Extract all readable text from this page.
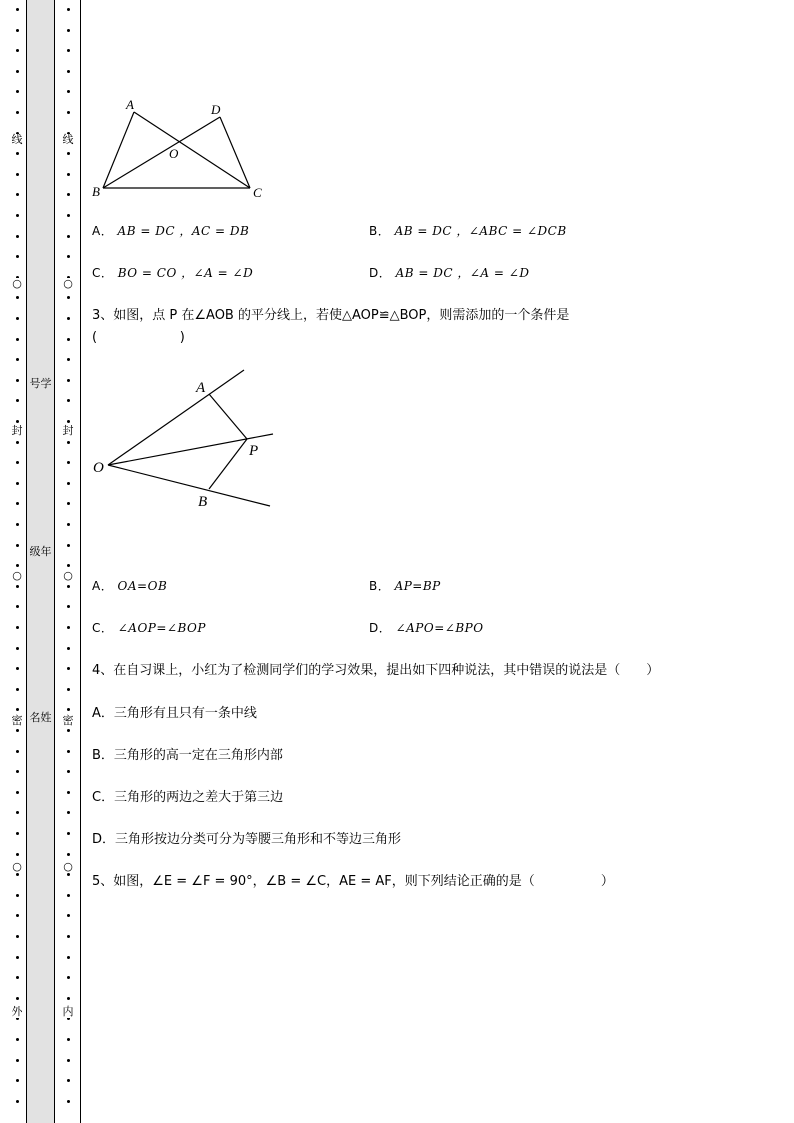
线
○
封
○
密
○
外
号学
级年
名姓
线
○
封
○
密
○
内
A	D
O
B	C
A． AB = DC ，AC = DB	B． AB = DC ，∠ABC = ∠DCB
C． BO = CO ，∠A = ∠D	D． AB = DC ，∠A = ∠D
3、如图，点 P 在∠AOB 的平分线上，若使△AOP≌△BOP，则需添加的一个条件是
(                    )
A
O
P
B
A． OA=OB	B． AP=BP
C． ∠AOP=∠BOP	D． ∠APO=∠BPO
4、在自习课上，小红为了检测同学们的学习效果，提出如下四种说法，其中错误的说法是（　　）
A．三角形有且只有一条中线
B．三角形的高一定在三角形内部
C．三角形的两边之差大于第三边
D．三角形按边分类可分为等腰三角形和不等边三角形
5、如图，∠E = ∠F = 90°，∠B = ∠C，AE = AF，则下列结论正确的是（                ）
